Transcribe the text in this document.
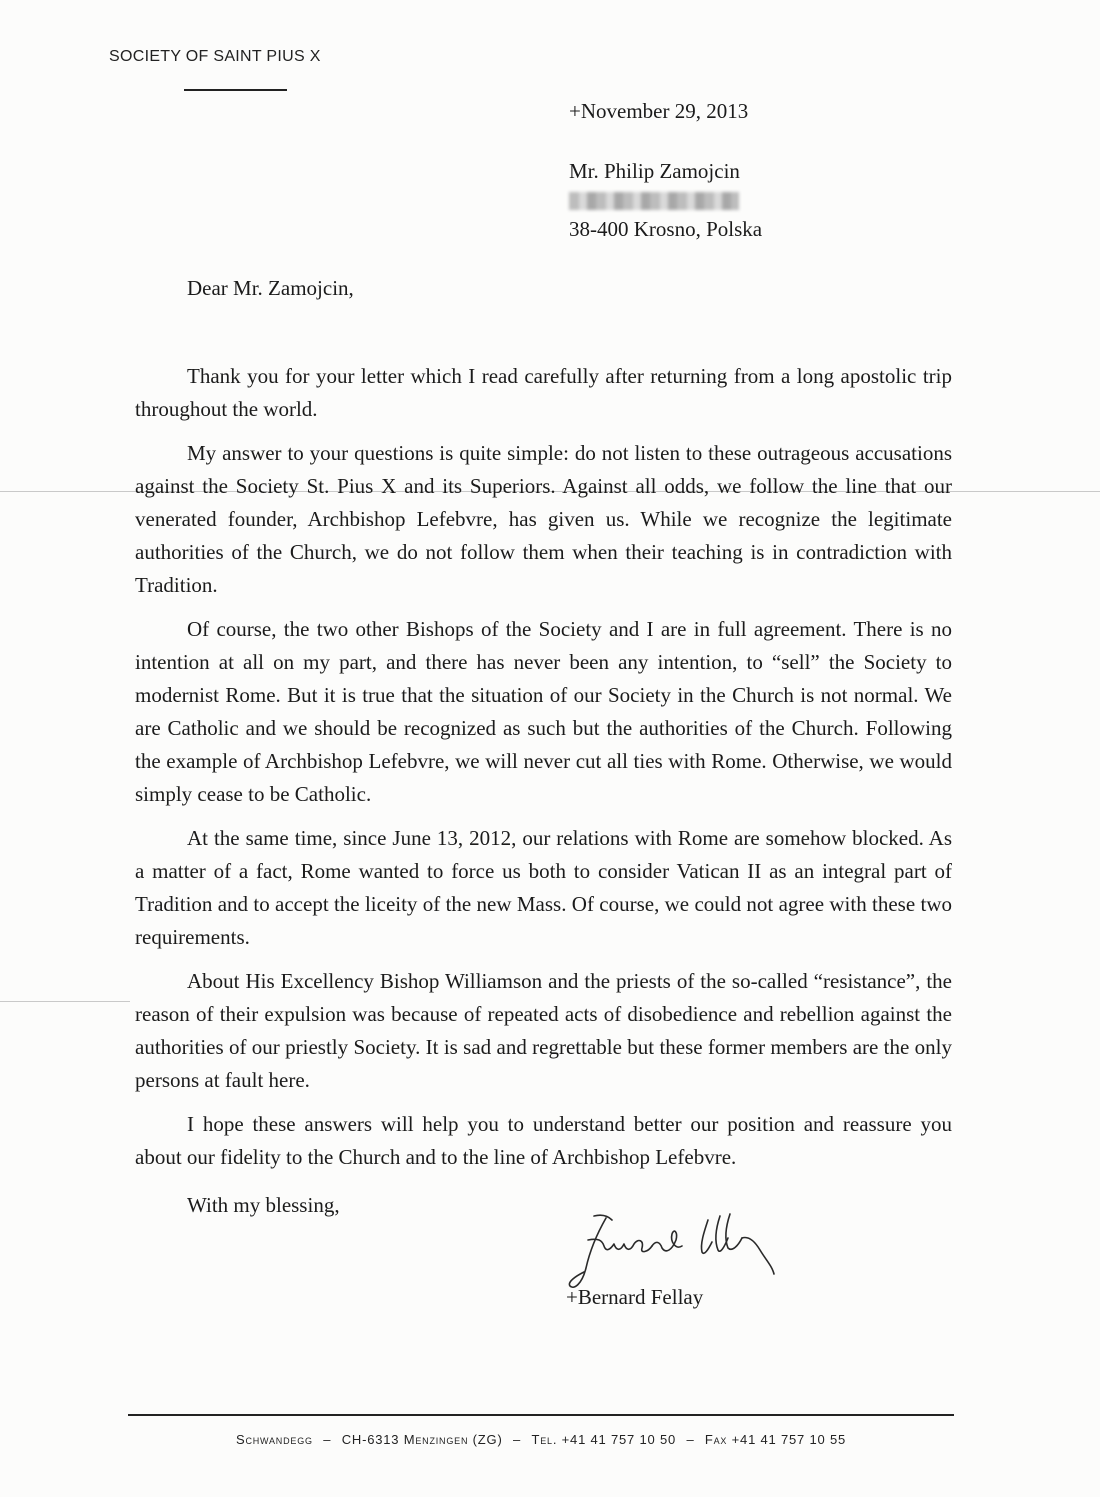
SOCIETY OF SAINT PIUS X
+November 29, 2013
Mr. Philip Zamojcin
38-400 Krosno, Polska
Dear Mr. Zamojcin,

Thank you for your letter which I read carefully after returning from a long apostolic trip throughout the world.

My answer to your questions is quite simple: do not listen to these outrageous accusations against the Society St. Pius X and its Superiors. Against all odds, we follow the line that our venerated founder, Archbishop Lefebvre, has given us. While we recognize the legitimate authorities of the Church, we do not follow them when their teaching is in contradiction with Tradition.

Of course, the two other Bishops of the Society and I are in full agreement. There is no intention at all on my part, and there has never been any intention, to “sell” the Society to modernist Rome. But it is true that the situation of our Society in the Church is not normal. We are Catholic and we should be recognized as such but the authorities of the Church. Following the example of Archbishop Lefebvre, we will never cut all ties with Rome. Otherwise, we would simply cease to be Catholic.

At the same time, since June 13, 2012, our relations with Rome are somehow blocked. As a matter of a fact, Rome wanted to force us both to consider Vatican II as an integral part of Tradition and to accept the liceity of the new Mass. Of course, we could not agree with these two requirements.

About His Excellency Bishop Williamson and the priests of the so-called “resistance”, the reason of their expulsion was because of repeated acts of disobedience and rebellion against the authorities of our priestly Society. It is sad and regrettable but these former members are the only persons at fault here.

I hope these answers will help you to understand better our position and reassure you about our fidelity to the Church and to the line of Archbishop Lefebvre.

With my blessing,
+Bernard Fellay
Schwandegg – CH-6313 Menzingen (ZG) – Tel. +41 41 757 10 50 – Fax +41 41 757 10 55
